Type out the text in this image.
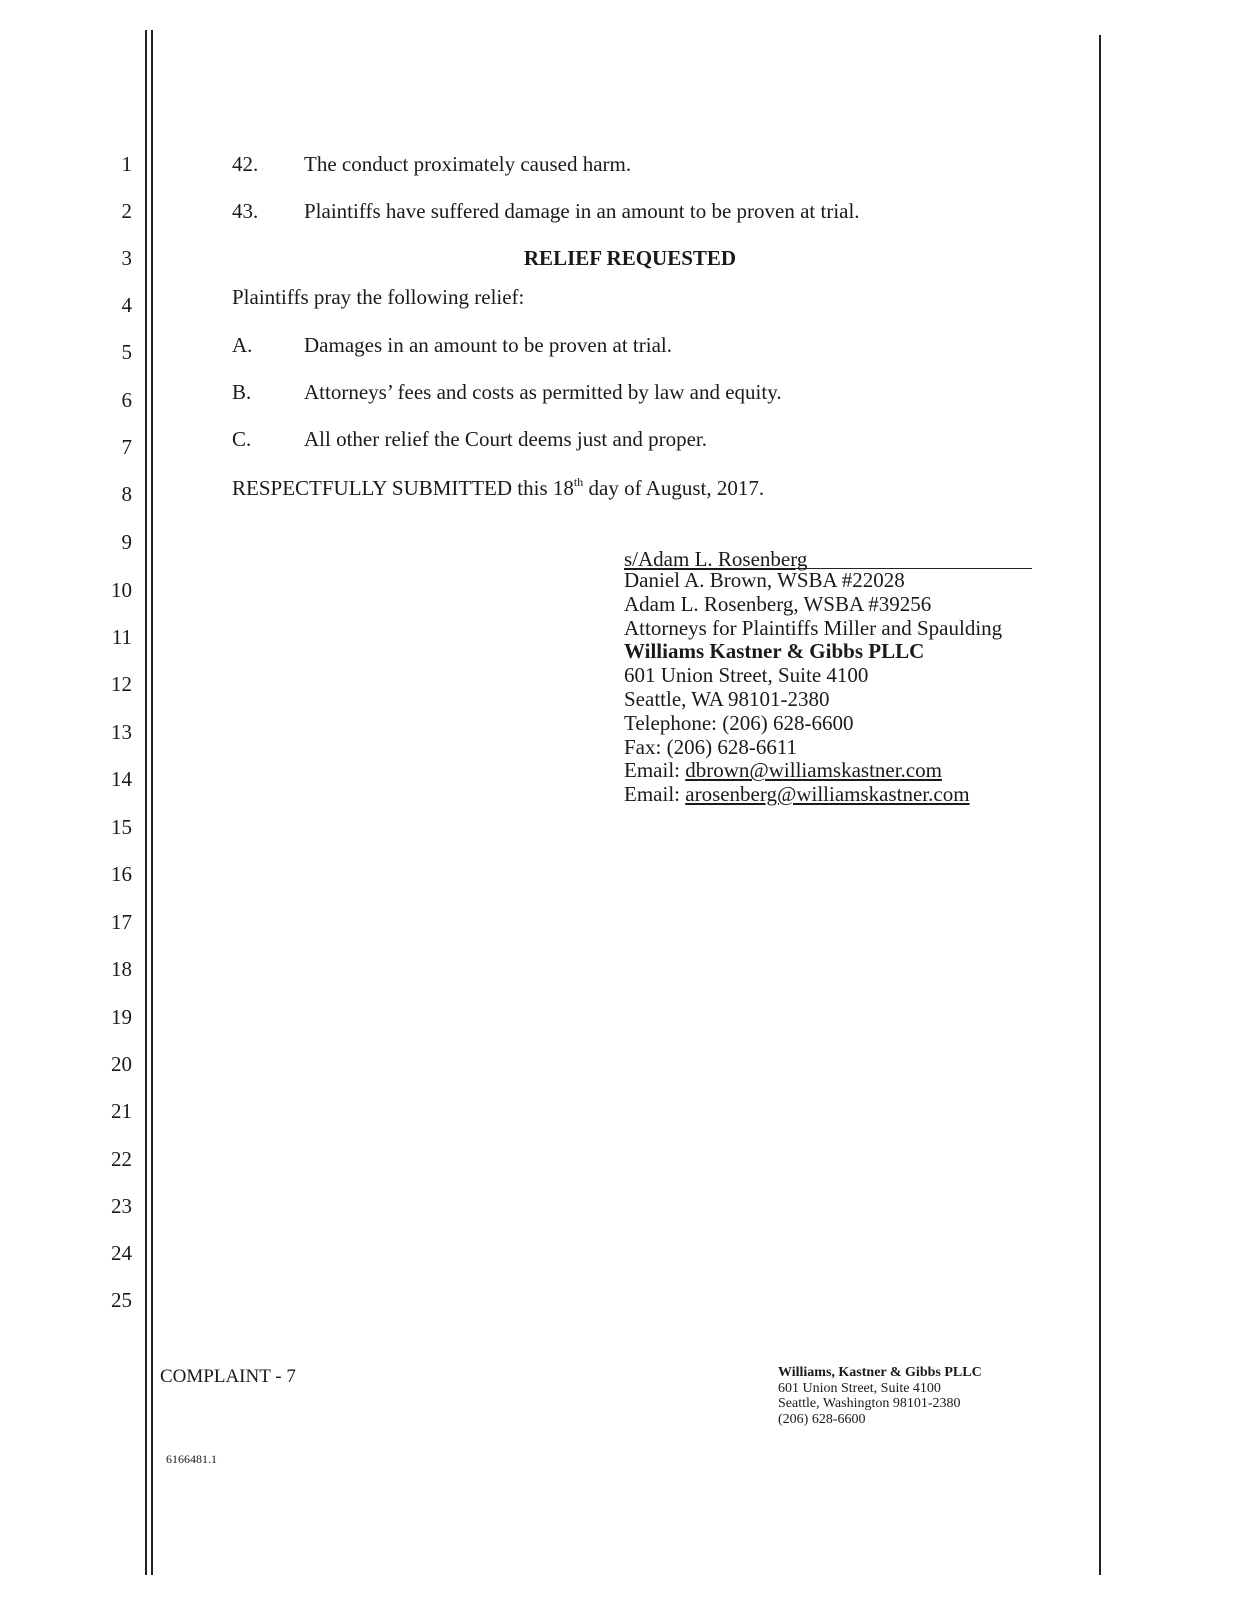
1
2
3
4
5
6
7
8
9
10
11
12
13
14
15
16
17
18
19
20
21
22
23
24
25
42. The conduct proximately caused harm.
43. Plaintiffs have suffered damage in an amount to be proven at trial.
RELIEF REQUESTED
Plaintiffs pray the following relief:
A. Damages in an amount to be proven at trial.
B.	Attorneys’ fees and costs as permitted by law and equity.
C.	All other relief the Court deems just and proper.
RESPECTFULLY SUBMITTED this 18th day of August, 2017.
s/Adam L. Rosenberg
Daniel A. Brown, WSBA #22028
Adam L. Rosenberg, WSBA #39256
Attorneys for Plaintiffs Miller and Spaulding
Williams Kastner & Gibbs PLLC
601 Union Street, Suite 4100
Seattle, WA 98101-2380
Telephone: (206) 628-6600
Fax: (206) 628-6611
Email: dbrown@williamskastner.com
Email: arosenberg@williamskastner.com
COMPLAINT - 7	Williams, Kastner & Gibbs PLLC
601 Union Street, Suite 4100
Seattle, Washington 98101-2380
(206) 628-6600
6166481.1
